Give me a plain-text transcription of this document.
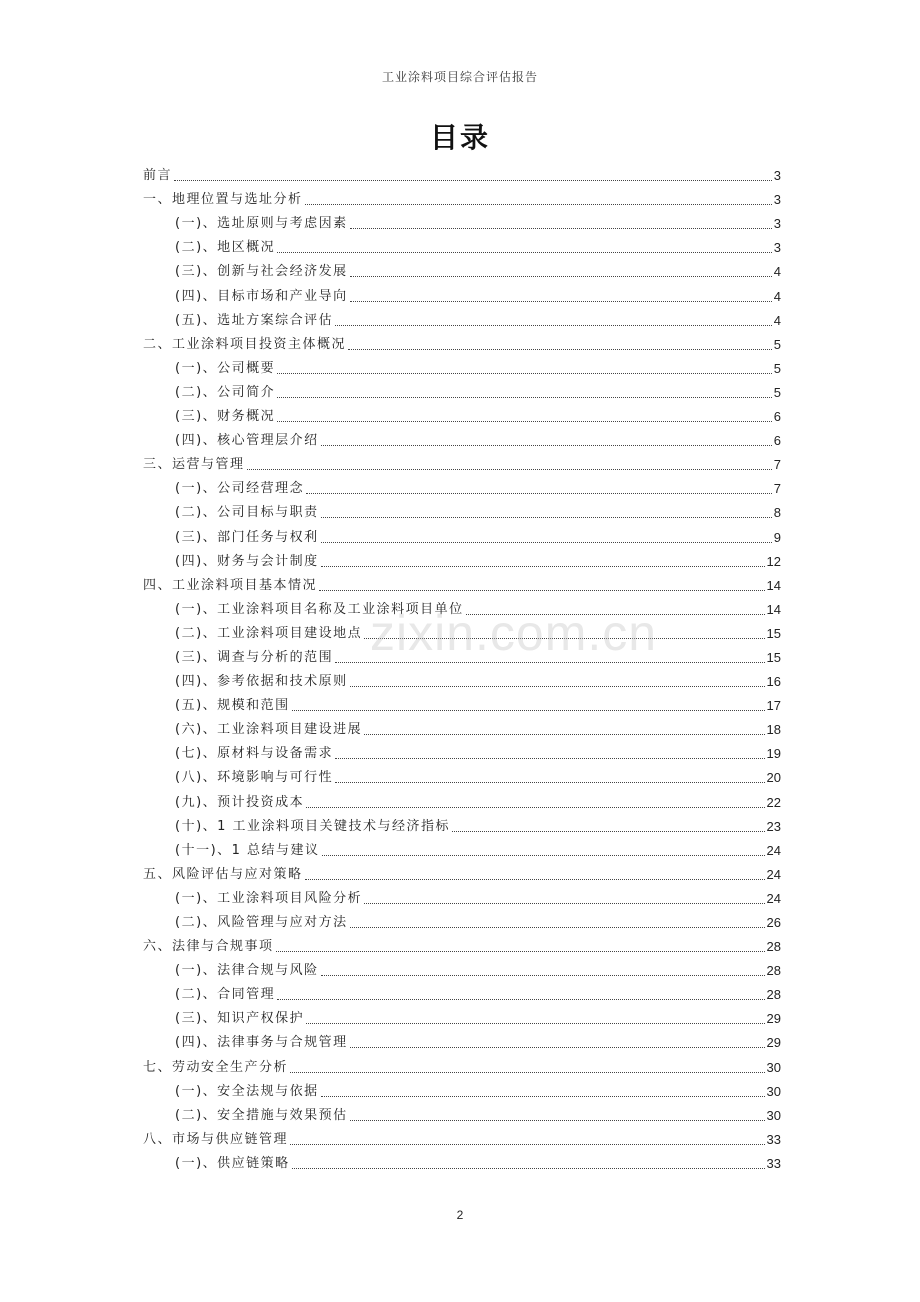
工业涂料项目综合评估报告
目录
前言	3
一、地理位置与选址分析	3
(一)、选址原则与考虑因素	3
(二)、地区概况	3
(三)、创新与社会经济发展	4
(四)、目标市场和产业导向	4
(五)、选址方案综合评估	4
二、工业涂料项目投资主体概况	5
(一)、公司概要	5
(二)、公司简介	5
(三)、财务概况	6
(四)、核心管理层介绍	6
三、运营与管理	7
(一)、公司经营理念	7
(二)、公司目标与职责	8
(三)、部门任务与权利	9
(四)、财务与会计制度	12
四、工业涂料项目基本情况	14
(一)、工业涂料项目名称及工业涂料项目单位	14
(二)、工业涂料项目建设地点	15
(三)、调查与分析的范围	15
(四)、参考依据和技术原则	16
(五)、规模和范围	17
(六)、工业涂料项目建设进展	18
(七)、原材料与设备需求	19
(八)、环境影响与可行性	20
(九)、预计投资成本	22
(十)、1 工业涂料项目关键技术与经济指标	23
(十一)、1 总结与建议	24
五、风险评估与应对策略	24
(一)、工业涂料项目风险分析	24
(二)、风险管理与应对方法	26
六、法律与合规事项	28
(一)、法律合规与风险	28
(二)、合同管理	28
(三)、知识产权保护	29
(四)、法律事务与合规管理	29
七、劳动安全生产分析	30
(一)、安全法规与依据	30
(二)、安全措施与效果预估	30
八、市场与供应链管理	33
(一)、供应链策略	33
zixin.com.cn
2
